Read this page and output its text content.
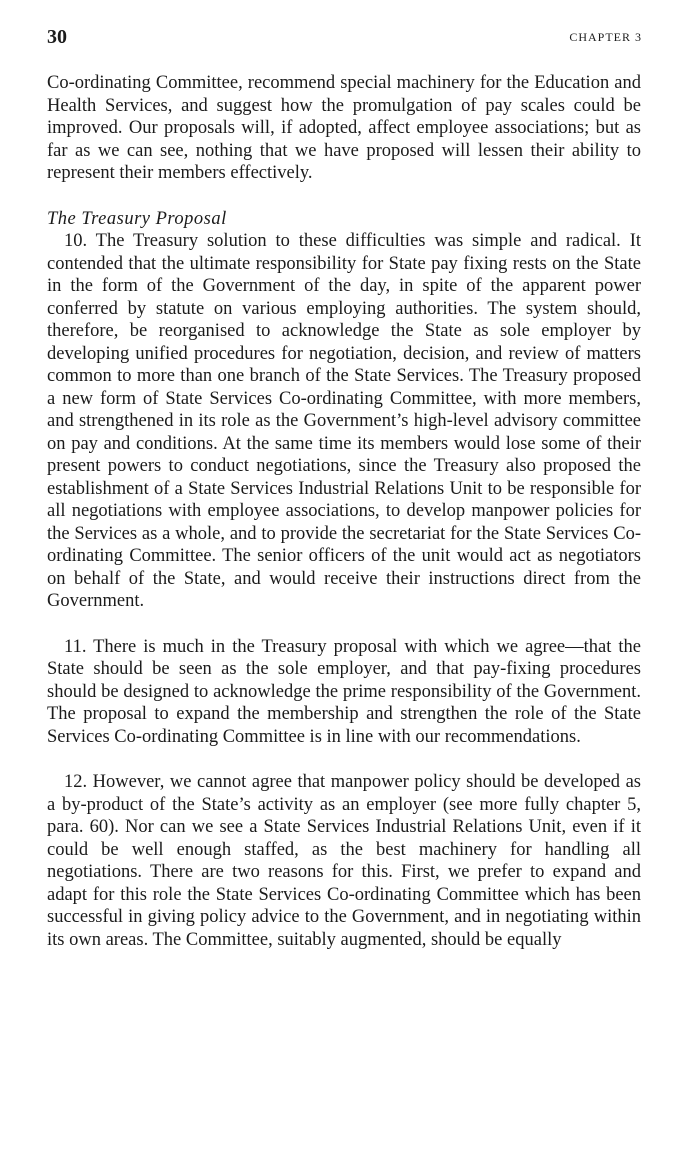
30	CHAPTER 3

Co-ordinating Committee, recommend special machinery for the Education and Health Services, and suggest how the promulgation of pay scales could be improved. Our proposals will, if adopted, affect employee associations; but as far as we can see, nothing that we have proposed will lessen their ability to represent their members effectively.

The Treasury Proposal

10. The Treasury solution to these difficulties was simple and radical. It contended that the ultimate responsibility for State pay fixing rests on the State in the form of the Government of the day, in spite of the apparent power conferred by statute on various employing authorities. The system should, therefore, be reorganised to acknowledge the State as sole employer by developing unified procedures for negotiation, decision, and review of matters common to more than one branch of the State Services. The Treasury proposed a new form of State Services Co-ordinating Committee, with more members, and strengthened in its role as the Government’s high-level advisory committee on pay and conditions. At the same time its members would lose some of their present powers to conduct negotiations, since the Treasury also proposed the establishment of a State Services Industrial Relations Unit to be responsible for all negotiations with employee associations, to develop manpower policies for the Services as a whole, and to provide the secretariat for the State Services Co-ordinating Committee. The senior officers of the unit would act as negotiators on behalf of the State, and would receive their instructions direct from the Government.

11. There is much in the Treasury proposal with which we agree—that the State should be seen as the sole employer, and that pay-fixing procedures should be designed to acknowledge the prime responsibility of the Government. The proposal to expand the membership and strengthen the role of the State Services Co-ordinating Committee is in line with our recommendations.

12. However, we cannot agree that manpower policy should be developed as a by-product of the State’s activity as an employer (see more fully chapter 5, para. 60). Nor can we see a State Services Industrial Relations Unit, even if it could be well enough staffed, as the best machinery for handling all negotiations. There are two reasons for this. First, we prefer to expand and adapt for this role the State Services Co-ordinating Committee which has been successful in giving policy advice to the Government, and in negotiating within its own areas. The Committee, suitably augmented, should be equally
